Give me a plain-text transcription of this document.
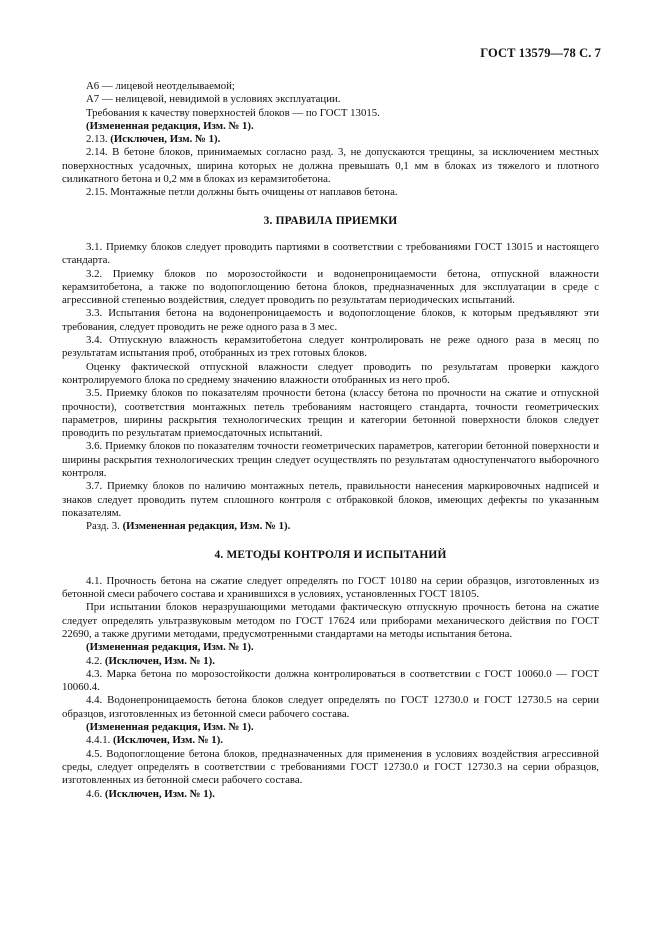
ГОСТ 13579—78 С. 7

А6 — лицевой неотделываемой;

А7 — нелицевой, невидимой в условиях эксплуатации.

Требования к качеству поверхностей блоков — по ГОСТ 13015.

(Измененная редакция, Изм. № 1).

2.13. (Исключен, Изм. № 1).

2.14. В бетоне блоков, принимаемых согласно разд. 3, не допускаются трещины, за исключением местных поверхностных усадочных, ширина которых не должна превышать 0,1 мм в блоках из тяжелого и плотного силикатного бетона и 0,2 мм в блоках из керамзитобетона.

2.15. Монтажные петли должны быть очищены от наплавов бетона.

3. ПРАВИЛА ПРИЕМКИ

3.1. Приемку блоков следует проводить партиями в соответствии с требованиями ГОСТ 13015 и настоящего стандарта.

3.2. Приемку блоков по морозостойкости и водонепроницаемости бетона, отпускной влажности керамзитобетона, а также по водопоглощению бетона блоков, предназначенных для эксплуатации в среде с агрессивной степенью воздействия, следует проводить по результатам периодических испытаний.

3.3. Испытания бетона на водонепроницаемость и водопоглощение блоков, к которым предъявляют эти требования, следует проводить не реже одного раза в 3 мес.

3.4. Отпускную влажность керамзитобетона следует контролировать не реже одного раза в месяц по результатам испытания проб, отобранных из трех готовых блоков.

Оценку фактической отпускной влажности следует проводить по результатам проверки каждого контролируемого блока по среднему значению влажности отобранных из него проб.

3.5. Приемку блоков по показателям прочности бетона (классу бетона по прочности на сжатие и отпускной прочности), соответствия монтажных петель требованиям настоящего стандарта, точности геометрических параметров, ширины раскрытия технологических трещин и категории бетонной поверхности блоков следует проводить по результатам приемосдаточных испытаний.

3.6. Приемку блоков по показателям точности геометрических параметров, категории бетонной поверхности и ширины раскрытия технологических трещин следует осуществлять по результатам одноступенчатого выборочного контроля.

3.7. Приемку блоков по наличию монтажных петель, правильности нанесения маркировочных надписей и знаков следует проводить путем сплошного контроля с отбраковкой блоков, имеющих дефекты по указанным показателям.

Разд. 3. (Измененная редакция, Изм. № 1).

4. МЕТОДЫ КОНТРОЛЯ И ИСПЫТАНИЙ

4.1. Прочность бетона на сжатие следует определять по ГОСТ 10180 на серии образцов, изготовленных из бетонной смеси рабочего состава и хранившихся в условиях, установленных ГОСТ 18105.

При испытании блоков неразрушающими методами фактическую отпускную прочность бетона на сжатие следует определять ультразвуковым методом по ГОСТ 17624 или приборами механического действия по ГОСТ 22690, а также другими методами, предусмотренными стандартами на методы испытания бетона.

(Измененная редакция, Изм. № 1).

4.2. (Исключен, Изм. № 1).

4.3. Марка бетона по морозостойкости должна контролироваться в соответствии с ГОСТ 10060.0 — ГОСТ 10060.4.

4.4. Водонепроницаемость бетона блоков следует определять по ГОСТ 12730.0 и ГОСТ 12730.5 на серии образцов, изготовленных из бетонной смеси рабочего состава.

(Измененная редакция, Изм. № 1).

4.4.1. (Исключен, Изм. № 1).

4.5. Водопоглощение бетона блоков, предназначенных для применения в условиях воздействия агрессивной среды, следует определять в соответствии с требованиями ГОСТ 12730.0 и ГОСТ 12730.3 на серии образцов, изготовленных из бетонной смеси рабочего состава.

4.6. (Исключен, Изм. № 1).
